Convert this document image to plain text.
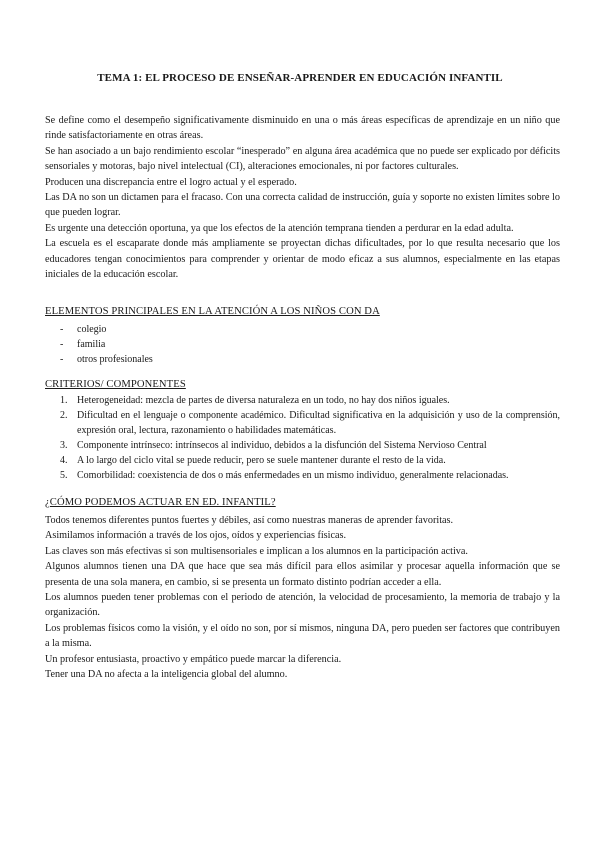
TEMA 1: EL PROCESO DE ENSEÑAR-APRENDER EN EDUCACIÓN INFANTIL

Se define como el desempeño significativamente disminuido en una o más áreas específicas de aprendizaje en un niño que rinde satisfactoriamente en otras áreas.

Se han asociado a un bajo rendimiento escolar “inesperado” en alguna área académica que no puede ser explicado por déficits sensoriales y motoras, bajo nivel intelectual (CI), alteraciones emocionales, ni por factores culturales.

Producen una discrepancia entre el logro actual y el esperado.

Las DA no son un dictamen para el fracaso. Con una correcta calidad de instrucción, guía y soporte no existen límites sobre lo que pueden lograr.

Es urgente una detección oportuna, ya que los efectos de la atención temprana tienden a perdurar en la edad adulta.

La escuela es el escaparate donde más ampliamente se proyectan dichas dificultades, por lo que resulta necesario que los educadores tengan conocimientos para comprender y orientar de modo eficaz a sus alumnos, especialmente en las etapas iniciales de la educación escolar.

ELEMENTOS PRINCIPALES EN LA ATENCIÓN A LOS NIÑOS CON DA
-	colegio
-	familia
-	otros profesionales
CRITERIOS/ COMPONENTES
1. Heterogeneidad: mezcla de partes de diversa naturaleza en un todo, no hay dos niños iguales.
2. Dificultad en el lenguaje o componente académico. Dificultad significativa en la adquisición y uso de la comprensión, expresión oral, lectura, razonamiento o habilidades matemáticas.
3. Componente intrínseco: intrínsecos al individuo, debidos a la disfunción del Sistema Nervioso Central
4. A lo largo del ciclo vital se puede reducir, pero se suele mantener durante el resto de la vida.
5. Comorbilidad: coexistencia de dos o más enfermedades en un mismo individuo, generalmente relacionadas.
¿CÓMO PODEMOS ACTUAR EN ED. INFANTIL?

Todos tenemos diferentes puntos fuertes y débiles, así como nuestras maneras de aprender favoritas.

Asimilamos información a través de los ojos, oídos y experiencias físicas.

Las claves son más efectivas si son multisensoriales e implican a los alumnos en la participación activa.

Algunos alumnos tienen una DA que hace que sea más difícil para ellos asimilar y procesar aquella información que se presenta de una sola manera, en cambio, si se presenta un formato distinto podrían acceder a ella.

Los alumnos pueden tener problemas con el periodo de atención, la velocidad de procesamiento, la memoria de trabajo y la organización.

Los problemas físicos como la visión, y el oído no son, por sí mismos, ninguna DA, pero pueden ser factores que contribuyen a la misma.

Un profesor entusiasta, proactivo y empático puede marcar la diferencia.

Tener una DA no afecta a la inteligencia global del alumno.
